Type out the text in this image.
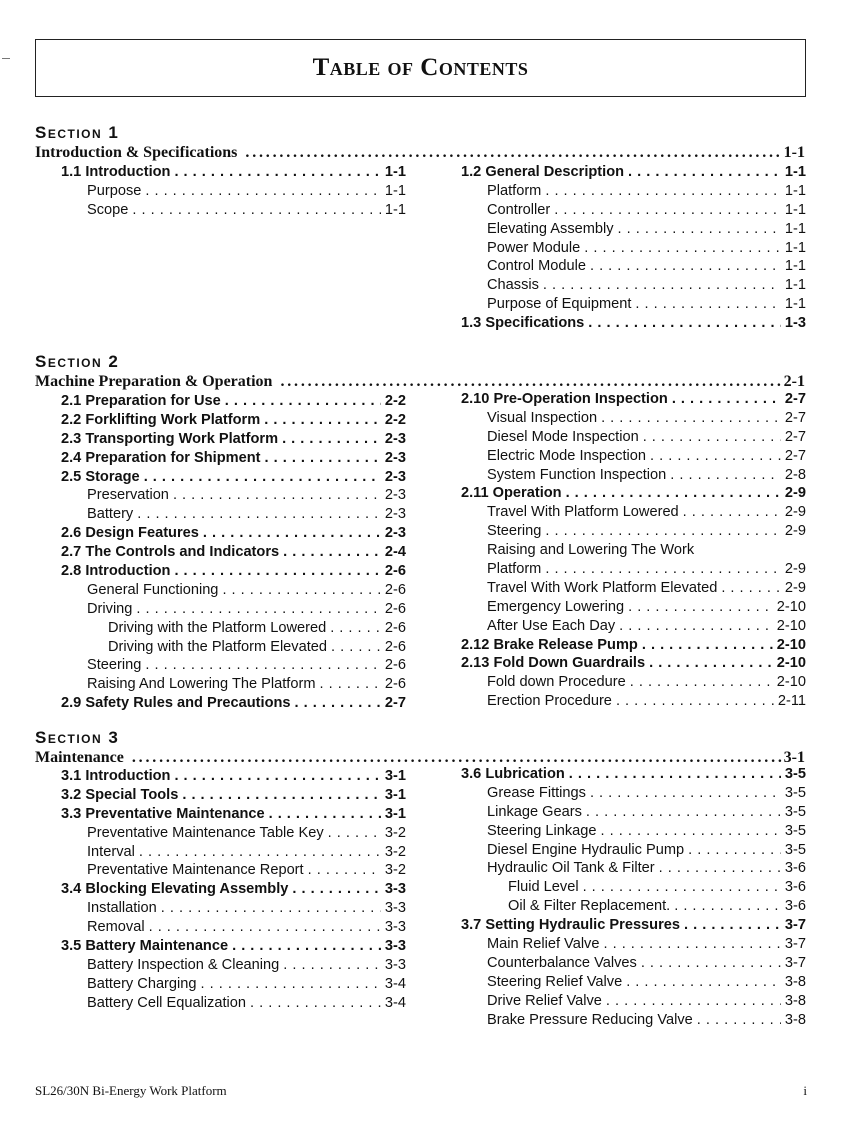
Table of Contents
Section 1
Introduction & Specifications . . .	1-1
1.1 Introduction . . .	1-1
Purpose . . .	1-1
Scope . . .	1-1
1.2 General Description . . .	1-1
Platform . . .	1-1
Controller . . .	1-1
Elevating Assembly . . .	1-1
Power Module . . .	1-1
Control Module . . .	1-1
Chassis . . .	1-1
Purpose of Equipment . . .	1-1
1.3 Specifications . . .	1-3
Section 2
Machine Preparation & Operation . . .	2-1
2.1 Preparation for Use . . .	2-2
2.2 Forklifting Work Platform . . .	2-2
2.3 Transporting Work Platform . . .	2-3
2.4 Preparation for Shipment . . .	2-3
2.5 Storage . . .	2-3
Preservation . . .	2-3
Battery . . .	2-3
2.6 Design Features . . .	2-3
2.7 The Controls and Indicators . . .	2-4
2.8 Introduction . . .	2-6
General Functioning . . .	2-6
Driving . . .	2-6
Driving with the Platform Lowered . . .	2-6
Driving with the Platform Elevated . . .	2-6
Steering . . .	2-6
Raising And Lowering The Platform . . .	2-6
2.9 Safety Rules and Precautions . . .	2-7
2.10 Pre-Operation Inspection . . .	2-7
Visual Inspection . . .	2-7
Diesel Mode Inspection . . .	2-7
Electric Mode Inspection . . .	2-7
System Function Inspection . . .	2-8
2.11 Operation . . .	2-9
Travel With Platform Lowered . . .	2-9
Steering . . .	2-9
Raising and Lowering The Work
Platform . . .	2-9
Travel With Work Platform Elevated . . .	2-9
Emergency Lowering . . .	2-10
After Use Each Day . . .	2-10
2.12 Brake Release Pump . . .	2-10
2.13 Fold Down Guardrails . . .	2-10
Fold down Procedure . . .	2-10
Erection Procedure . . .	2-11
Section 3
Maintenance . . .	3-1
3.1 Introduction . . .	3-1
3.2 Special Tools . . .	3-1
3.3 Preventative Maintenance . . .	3-1
Preventative Maintenance Table Key . . .	3-2
Interval . . .	3-2
Preventative Maintenance Report . . .	3-2
3.4 Blocking Elevating Assembly . . .	3-3
Installation . . .	3-3
Removal . . .	3-3
3.5 Battery Maintenance . . .	3-3
Battery Inspection & Cleaning . . .	3-3
Battery Charging . . .	3-4
Battery Cell Equalization . . .	3-4
3.6 Lubrication . . .	3-5
Grease Fittings . . .	3-5
Linkage Gears . . .	3-5
Steering Linkage . . .	3-5
Diesel Engine Hydraulic Pump . . .	3-5
Hydraulic Oil Tank & Filter . . .	3-6
Fluid Level . . .	3-6
Oil & Filter Replacement. . . .	3-6
3.7 Setting Hydraulic Pressures . . .	3-7
Main Relief Valve . . .	3-7
Counterbalance Valves . . .	3-7
Steering Relief Valve . . .	3-8
Drive Relief Valve . . .	3-8
Brake Pressure Reducing Valve . . .	3-8
SL26/30N Bi-Energy Work Platform	i
